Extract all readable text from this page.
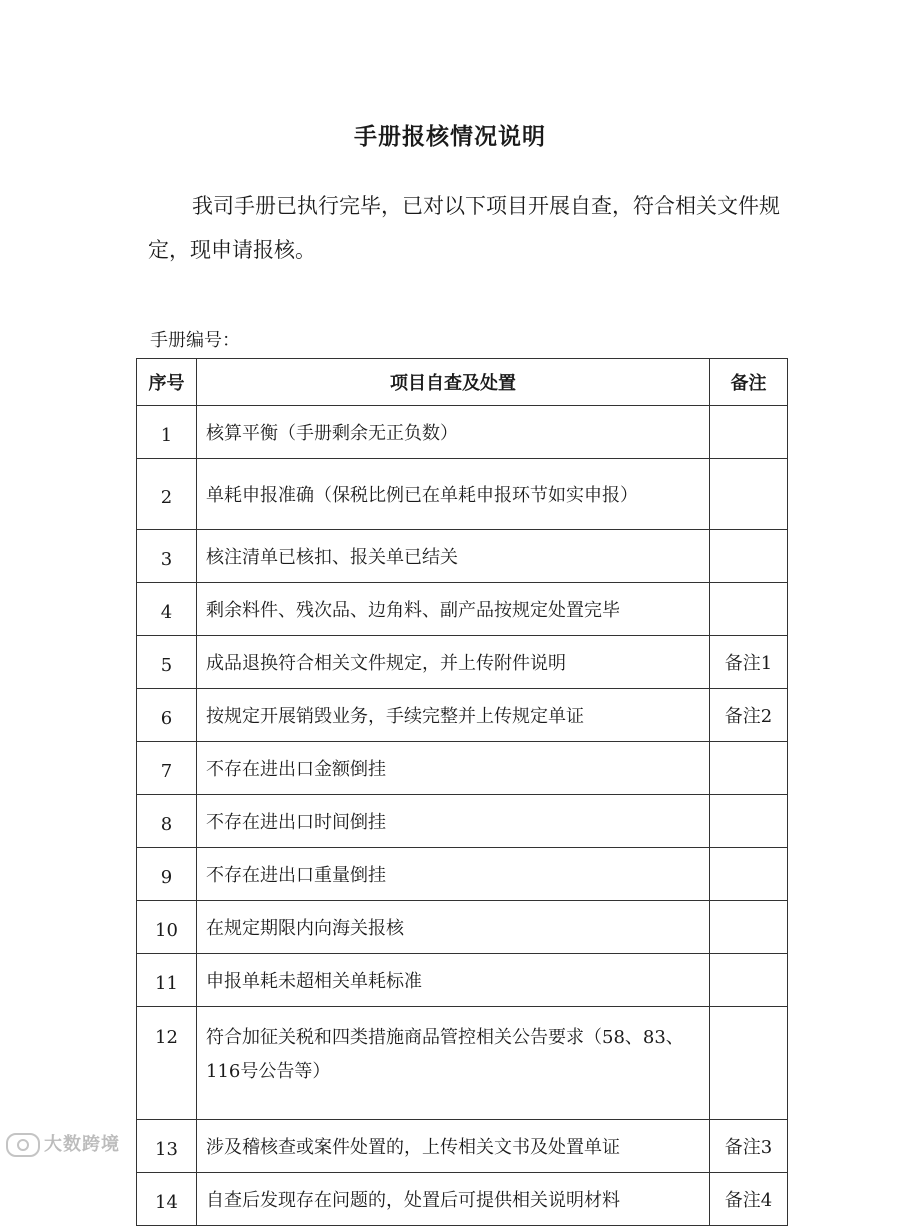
手册报核情况说明
我司手册已执行完毕，已对以下项目开展自查，符合相关文件规定，现申请报核。
手册编号：
序号	项目自查及处置	备注
1	核算平衡（手册剩余无正负数）	
2	单耗申报准确（保税比例已在单耗申报环节如实申报）	
3	核注清单已核扣、报关单已结关	
4	剩余料件、残次品、边角料、副产品按规定处置完毕	
5	成品退换符合相关文件规定，并上传附件说明	备注1
6	按规定开展销毁业务，手续完整并上传规定单证	备注2
7	不存在进出口金额倒挂	
8	不存在进出口时间倒挂	
9	不存在进出口重量倒挂	
10	在规定期限内向海关报核	
11	申报单耗未超相关单耗标准	
12	符合加征关税和四类措施商品管控相关公告要求（58、83、116号公告等）	
13	涉及稽核查或案件处置的，上传相关文书及处置单证	备注3
14	自查后发现存在问题的，处置后可提供相关说明材料	备注4
大数跨境
